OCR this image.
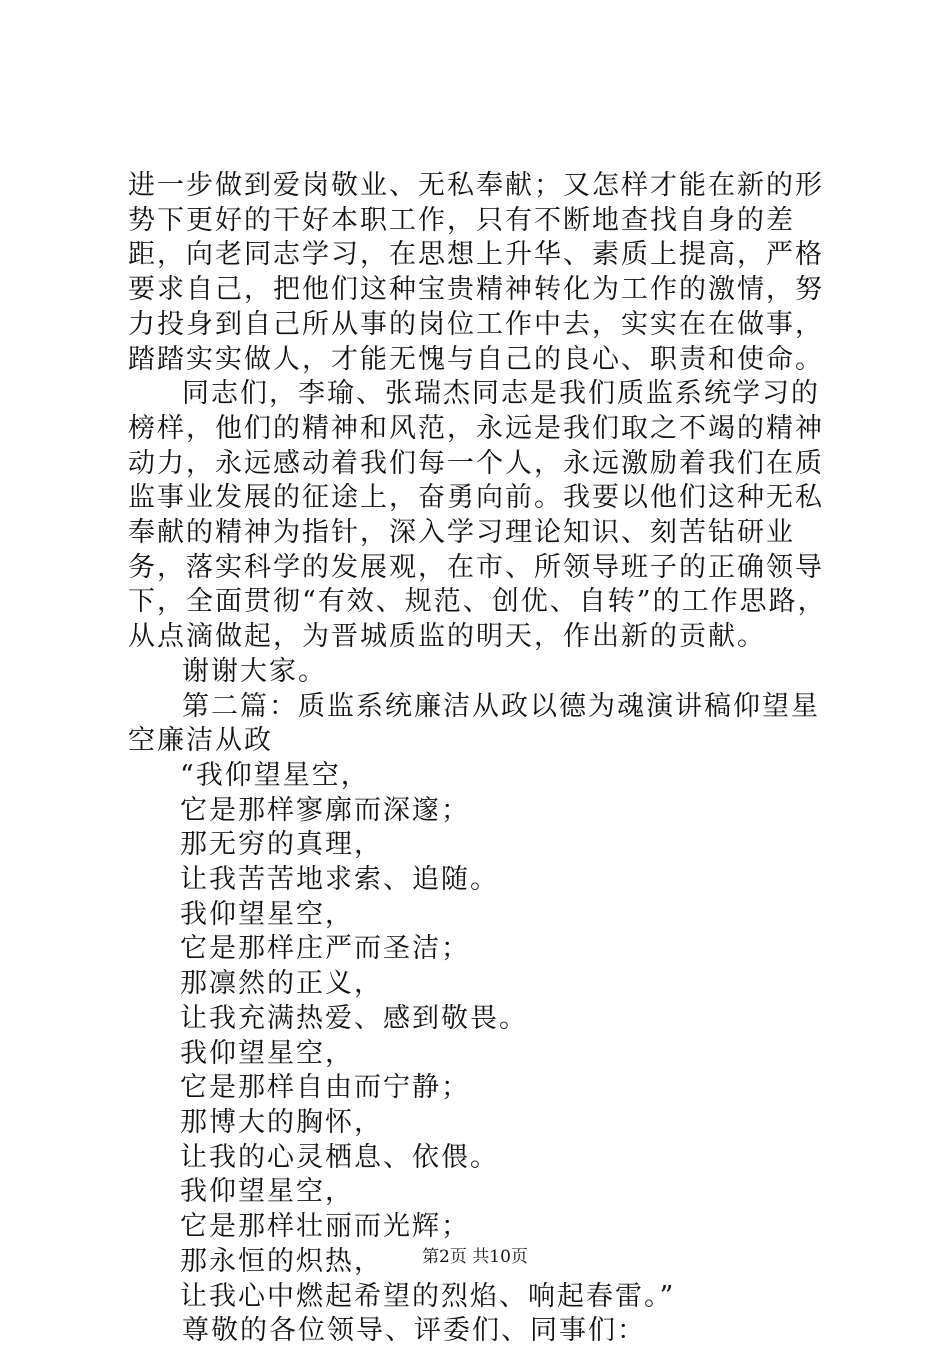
进一步做到爱岗敬业、无私奉献；又怎样才能在新的形势下更好的干好本职工作，只有不断地查找自身的差距，向老同志学习，在思想上升华、素质上提高，严格要求自己，把他们这种宝贵精神转化为工作的激情，努力投身到自己所从事的岗位工作中去，实实在在做事，踏踏实实做人，才能无愧与自己的良心、职责和使命。

同志们，李瑜、张瑞杰同志是我们质监系统学习的榜样，他们的精神和风范，永远是我们取之不竭的精神动力，永远感动着我们每一个人，永远激励着我们在质监事业发展的征途上，奋勇向前。我要以他们这种无私奉献的精神为指针，深入学习理论知识、刻苦钻研业务，落实科学的发展观，在市、所领导班子的正确领导下，全面贯彻“有效、规范、创优、自转”的工作思路，从点滴做起，为晋城质监的明天，作出新的贡献。

谢谢大家。

第二篇：质监系统廉洁从政以德为魂演讲稿仰望星空廉洁从政

“我仰望星空，

它是那样寥廓而深邃；

那无穷的真理，

让我苦苦地求索、追随。

我仰望星空，

它是那样庄严而圣洁；

那凛然的正义，

让我充满热爱、感到敬畏。

我仰望星空，

它是那样自由而宁静；

那博大的胸怀，

让我的心灵栖息、依偎。

我仰望星空，

它是那样壮丽而光辉；

那永恒的炽热，

让我心中燃起希望的烈焰、响起春雷。”

尊敬的各位领导、评委们、同事们：

第2页 共10页
